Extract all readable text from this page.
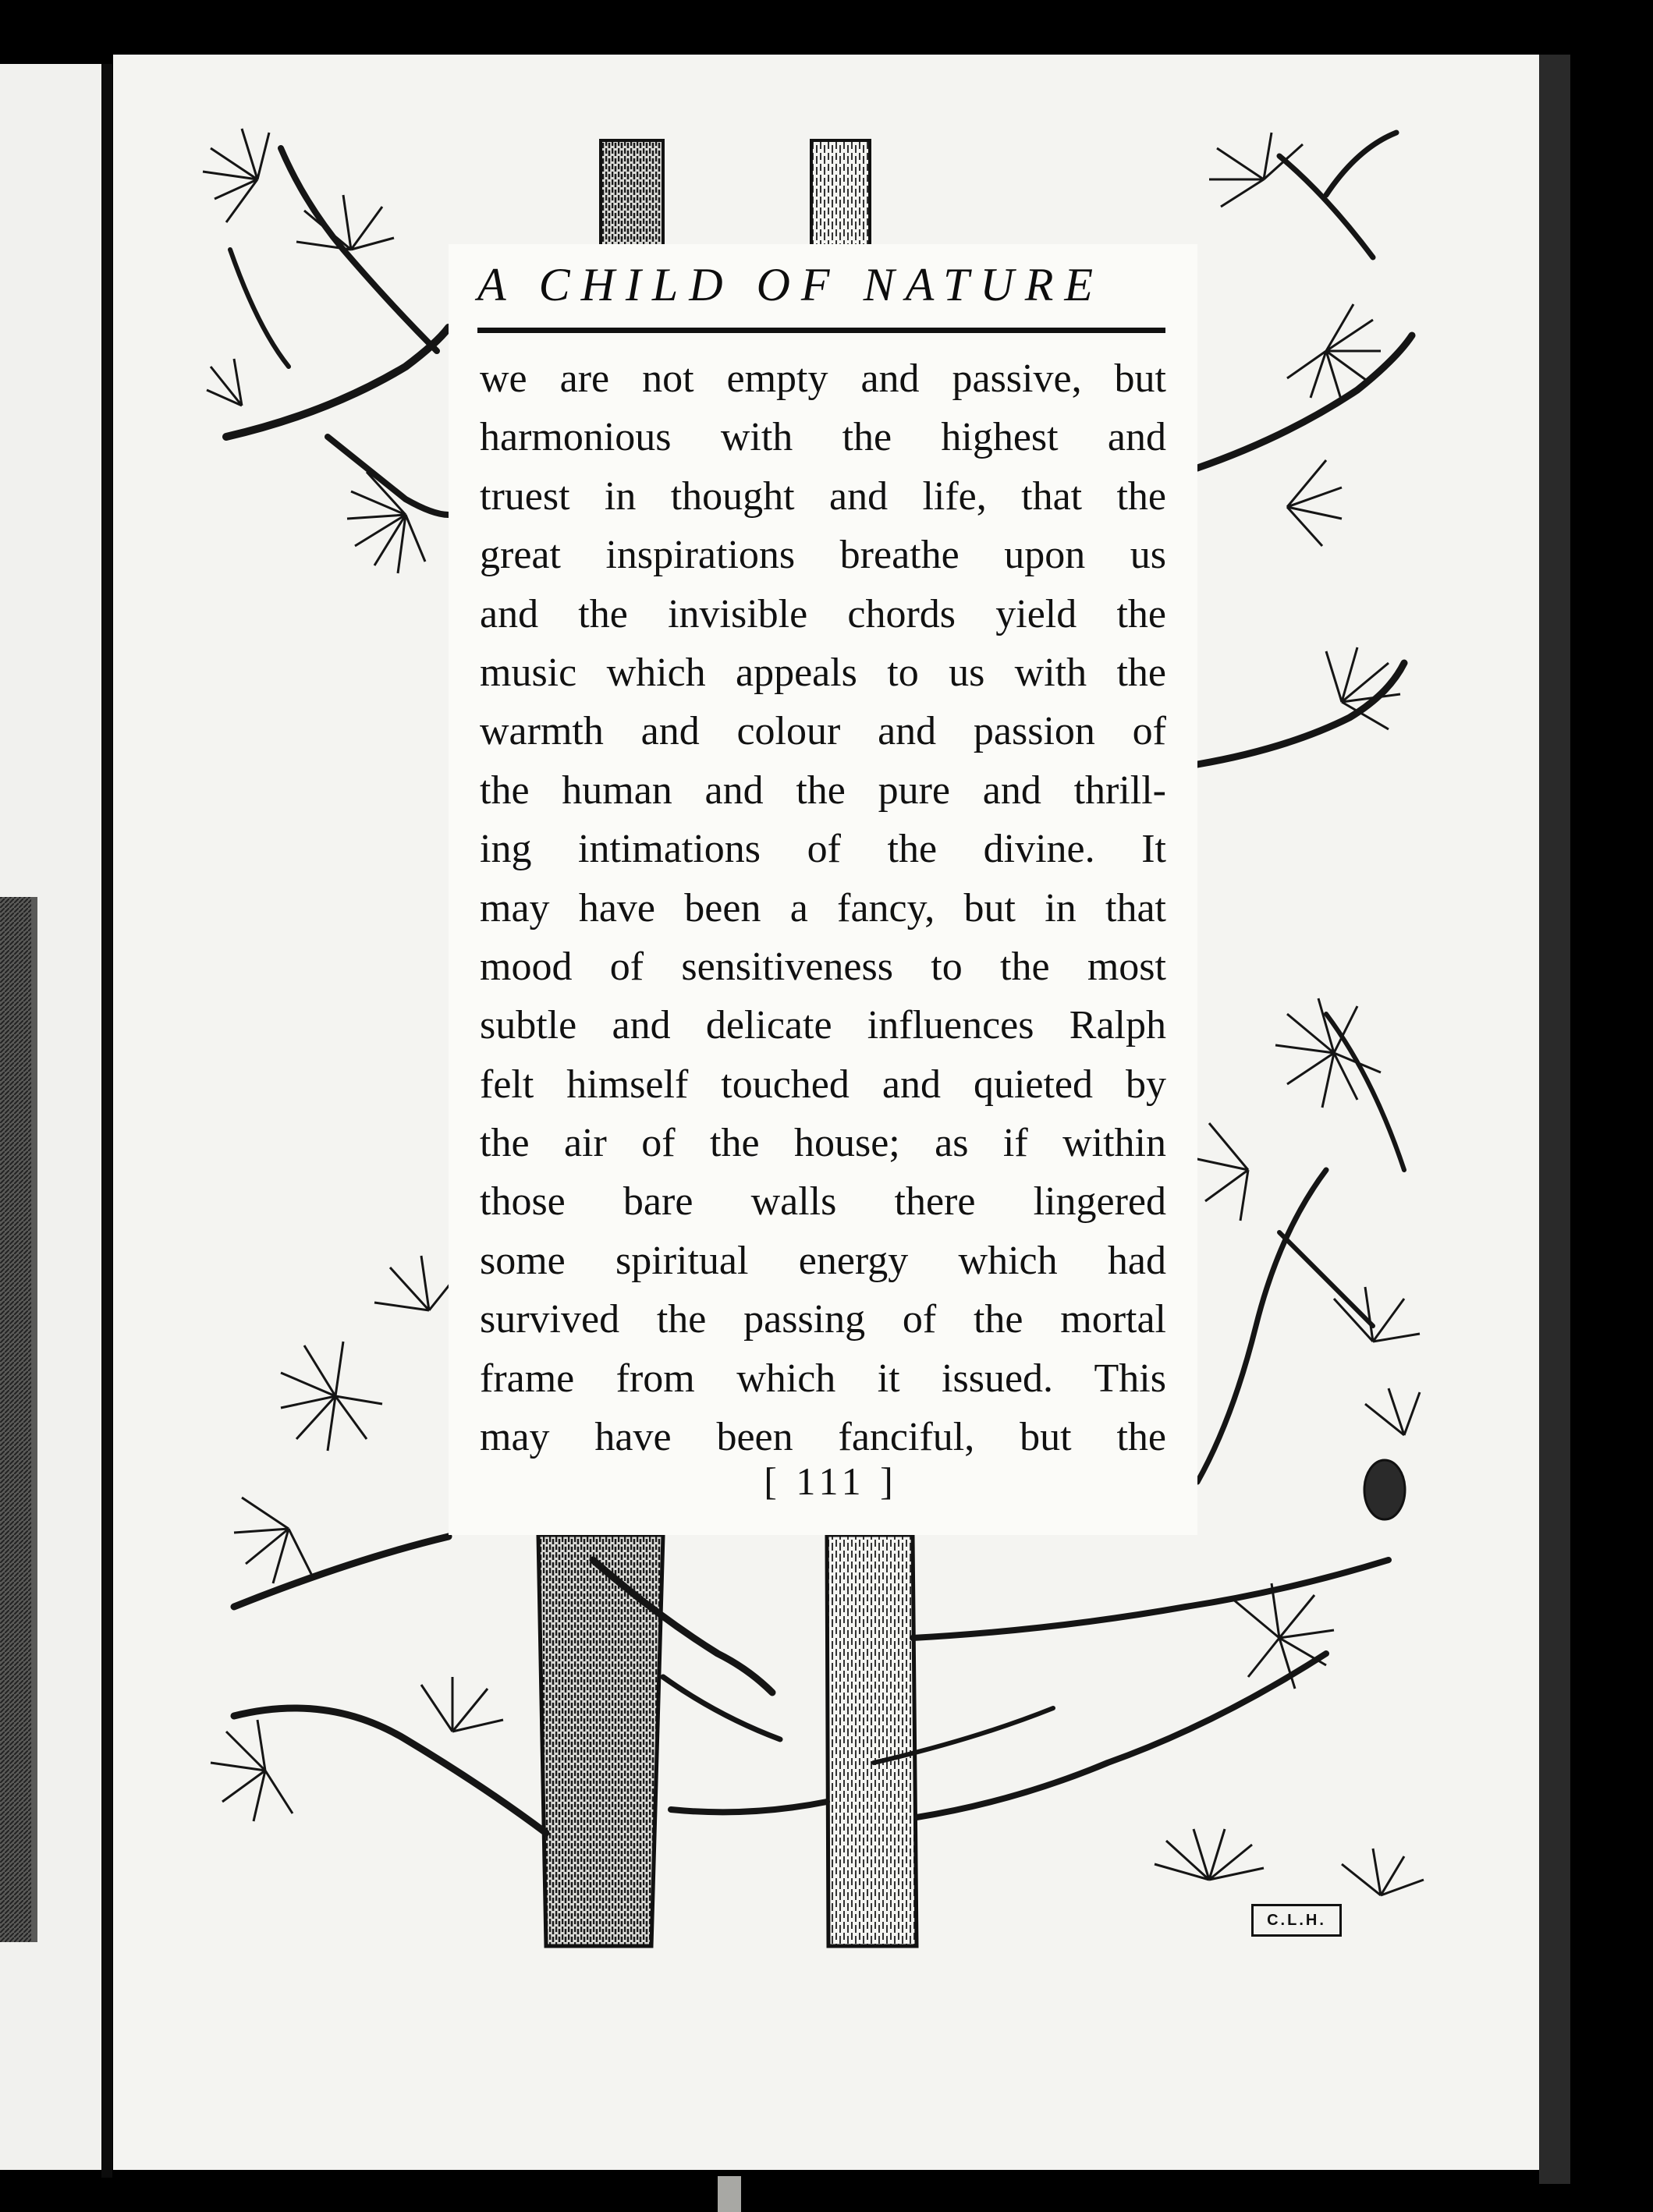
A CHILD OF NATURE
we are not empty and passive, but
harmonious with the highest and
truest in thought and life, that the
great inspirations breathe upon us
and the invisible chords yield the
music which appeals to us with the
warmth and colour and passion of
the human and the pure and thrill-
ing intimations of the divine. It
may have been a fancy, but in that
mood of sensitiveness to the most
subtle and delicate influences Ralph
felt himself touched and quieted by
the air of the house; as if within
those bare walls there lingered
some spiritual energy which had
survived the passing of the mortal
frame from which it issued. This
may have been fanciful, but the
[ 111 ]
C.L.H.
